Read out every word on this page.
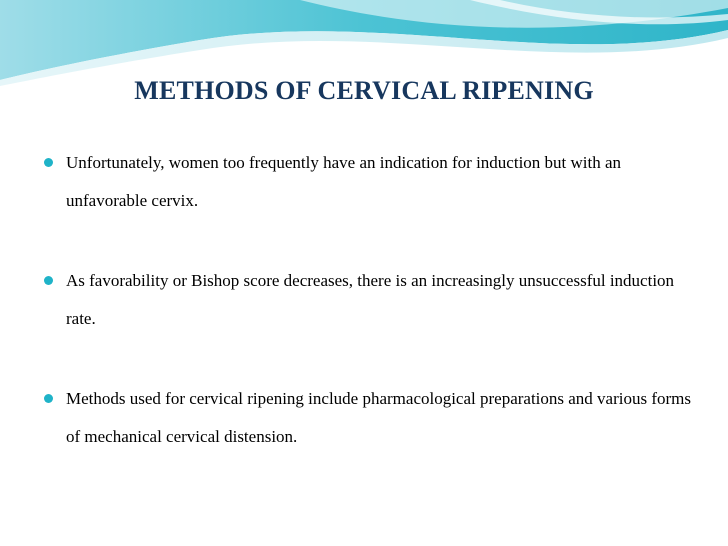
METHODS OF CERVICAL RIPENING
Unfortunately, women too frequently have an indication for induction but with an unfavorable cervix.
As favorability or Bishop score decreases, there is an increasingly unsuccessful induction rate.
Methods used for cervical ripening include pharmacological preparations and various forms of mechanical cervical distension.
